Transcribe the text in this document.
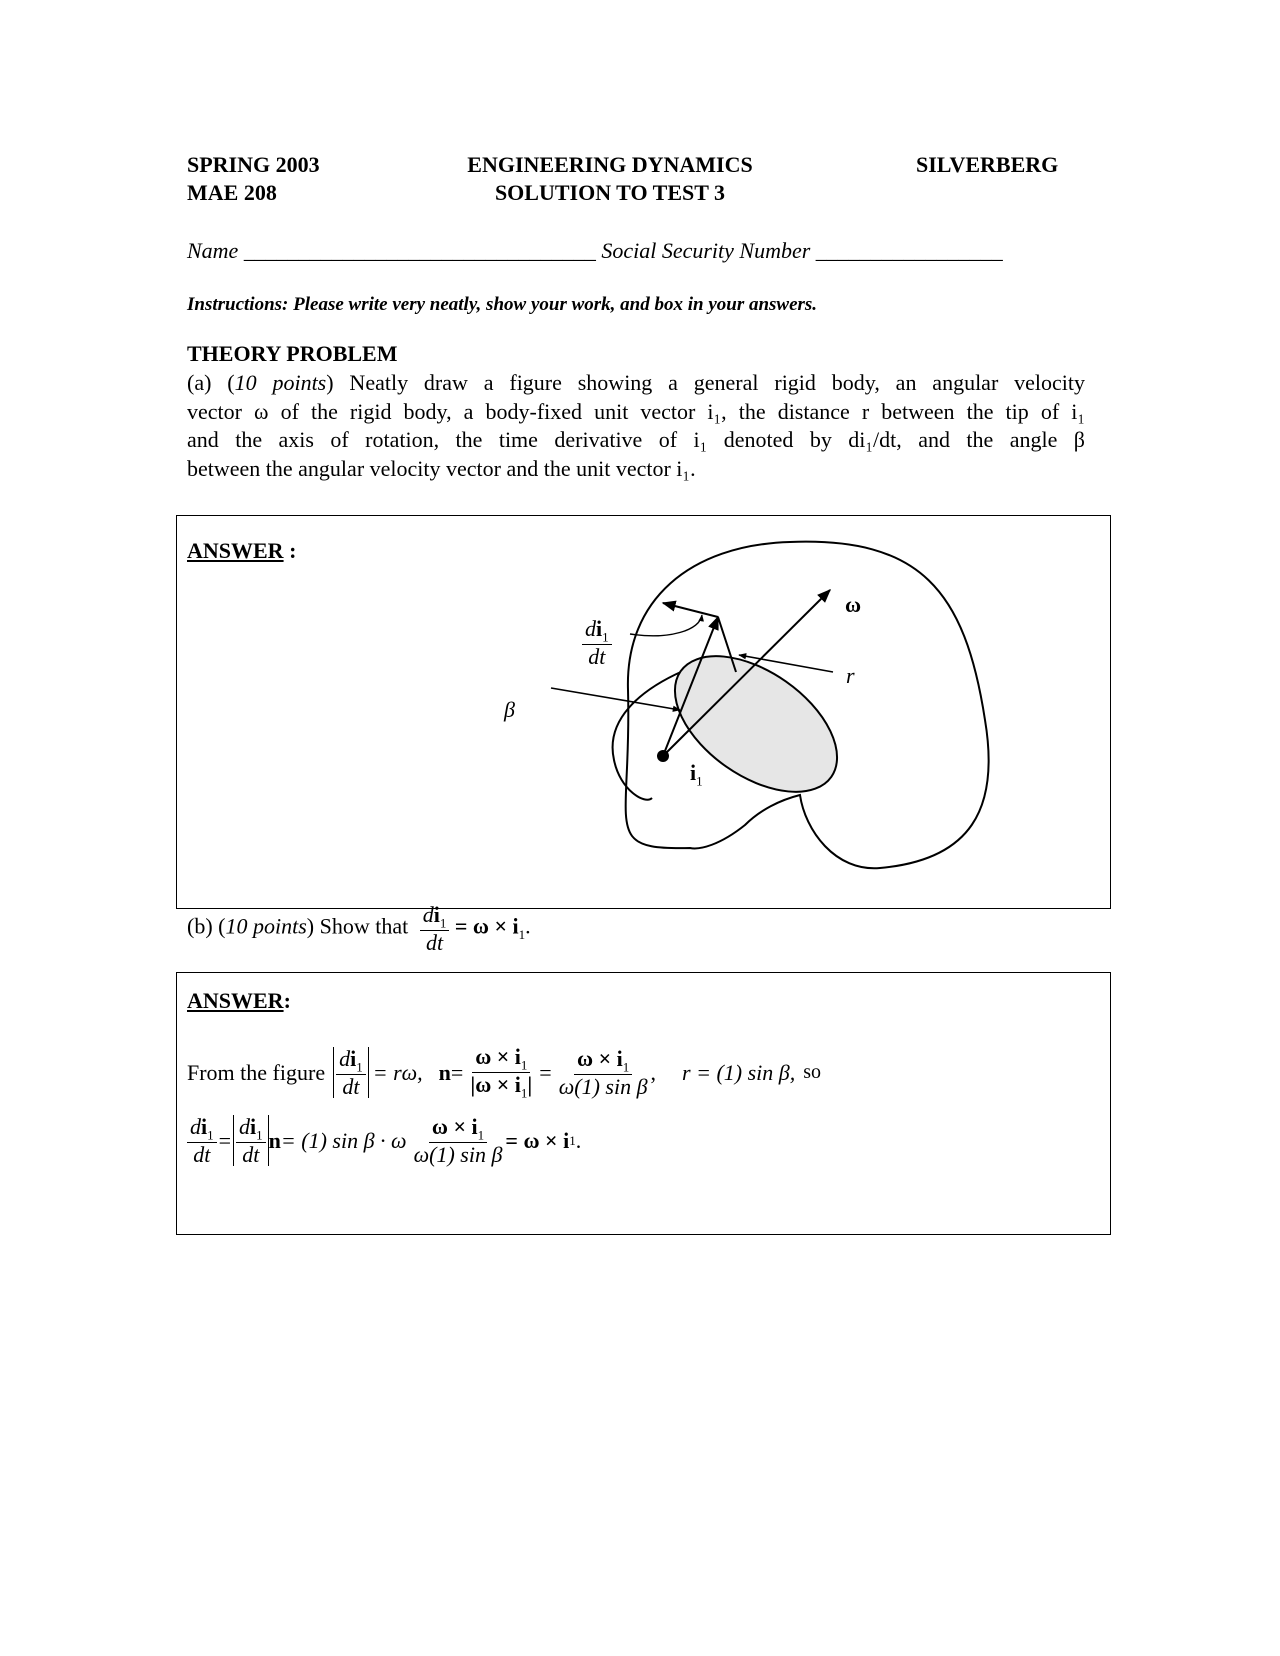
SPRING 2003
MAE 208
ENGINEERING DYNAMICS
SOLUTION TO TEST 3
SILVERBERG
Name ________________________________ Social Security Number _________________
Instructions: Please write very neatly, show your work, and box in your answers.
THEORY PROBLEM
(a) (10 points) Neatly draw a figure showing a general rigid body, an angular velocity
vector ω of the rigid body, a body-fixed unit vector i₁, the distance r between the tip of i₁
and the axis of rotation, the time derivative of i₁ denoted by di₁/dt, and the angle β
between the angular velocity vector and the unit vector i₁.
ANSWER :
ω
r
β
$i_1$
$\frac{di_1}{dt}$
(b) (10 points) Show that $\frac{di_1}{dt} = \omega \times i_1$.
ANSWER:
From the figure $\frac{di_1}{dt} = r\omega$, $n = \frac{\omega \times i_1}{|\omega \times i_1|} = \frac{\omega \times i_1}{\text{ω(1) sin β}}$ , r = (1) sin β, so
$\frac{di_1}{dt} = \frac{di_1}{dt}$ n = (1) sin β · ω $\frac{\omega \times i_1}{\text{ω(1) sin β}} = \omega \times i$ 1 .
